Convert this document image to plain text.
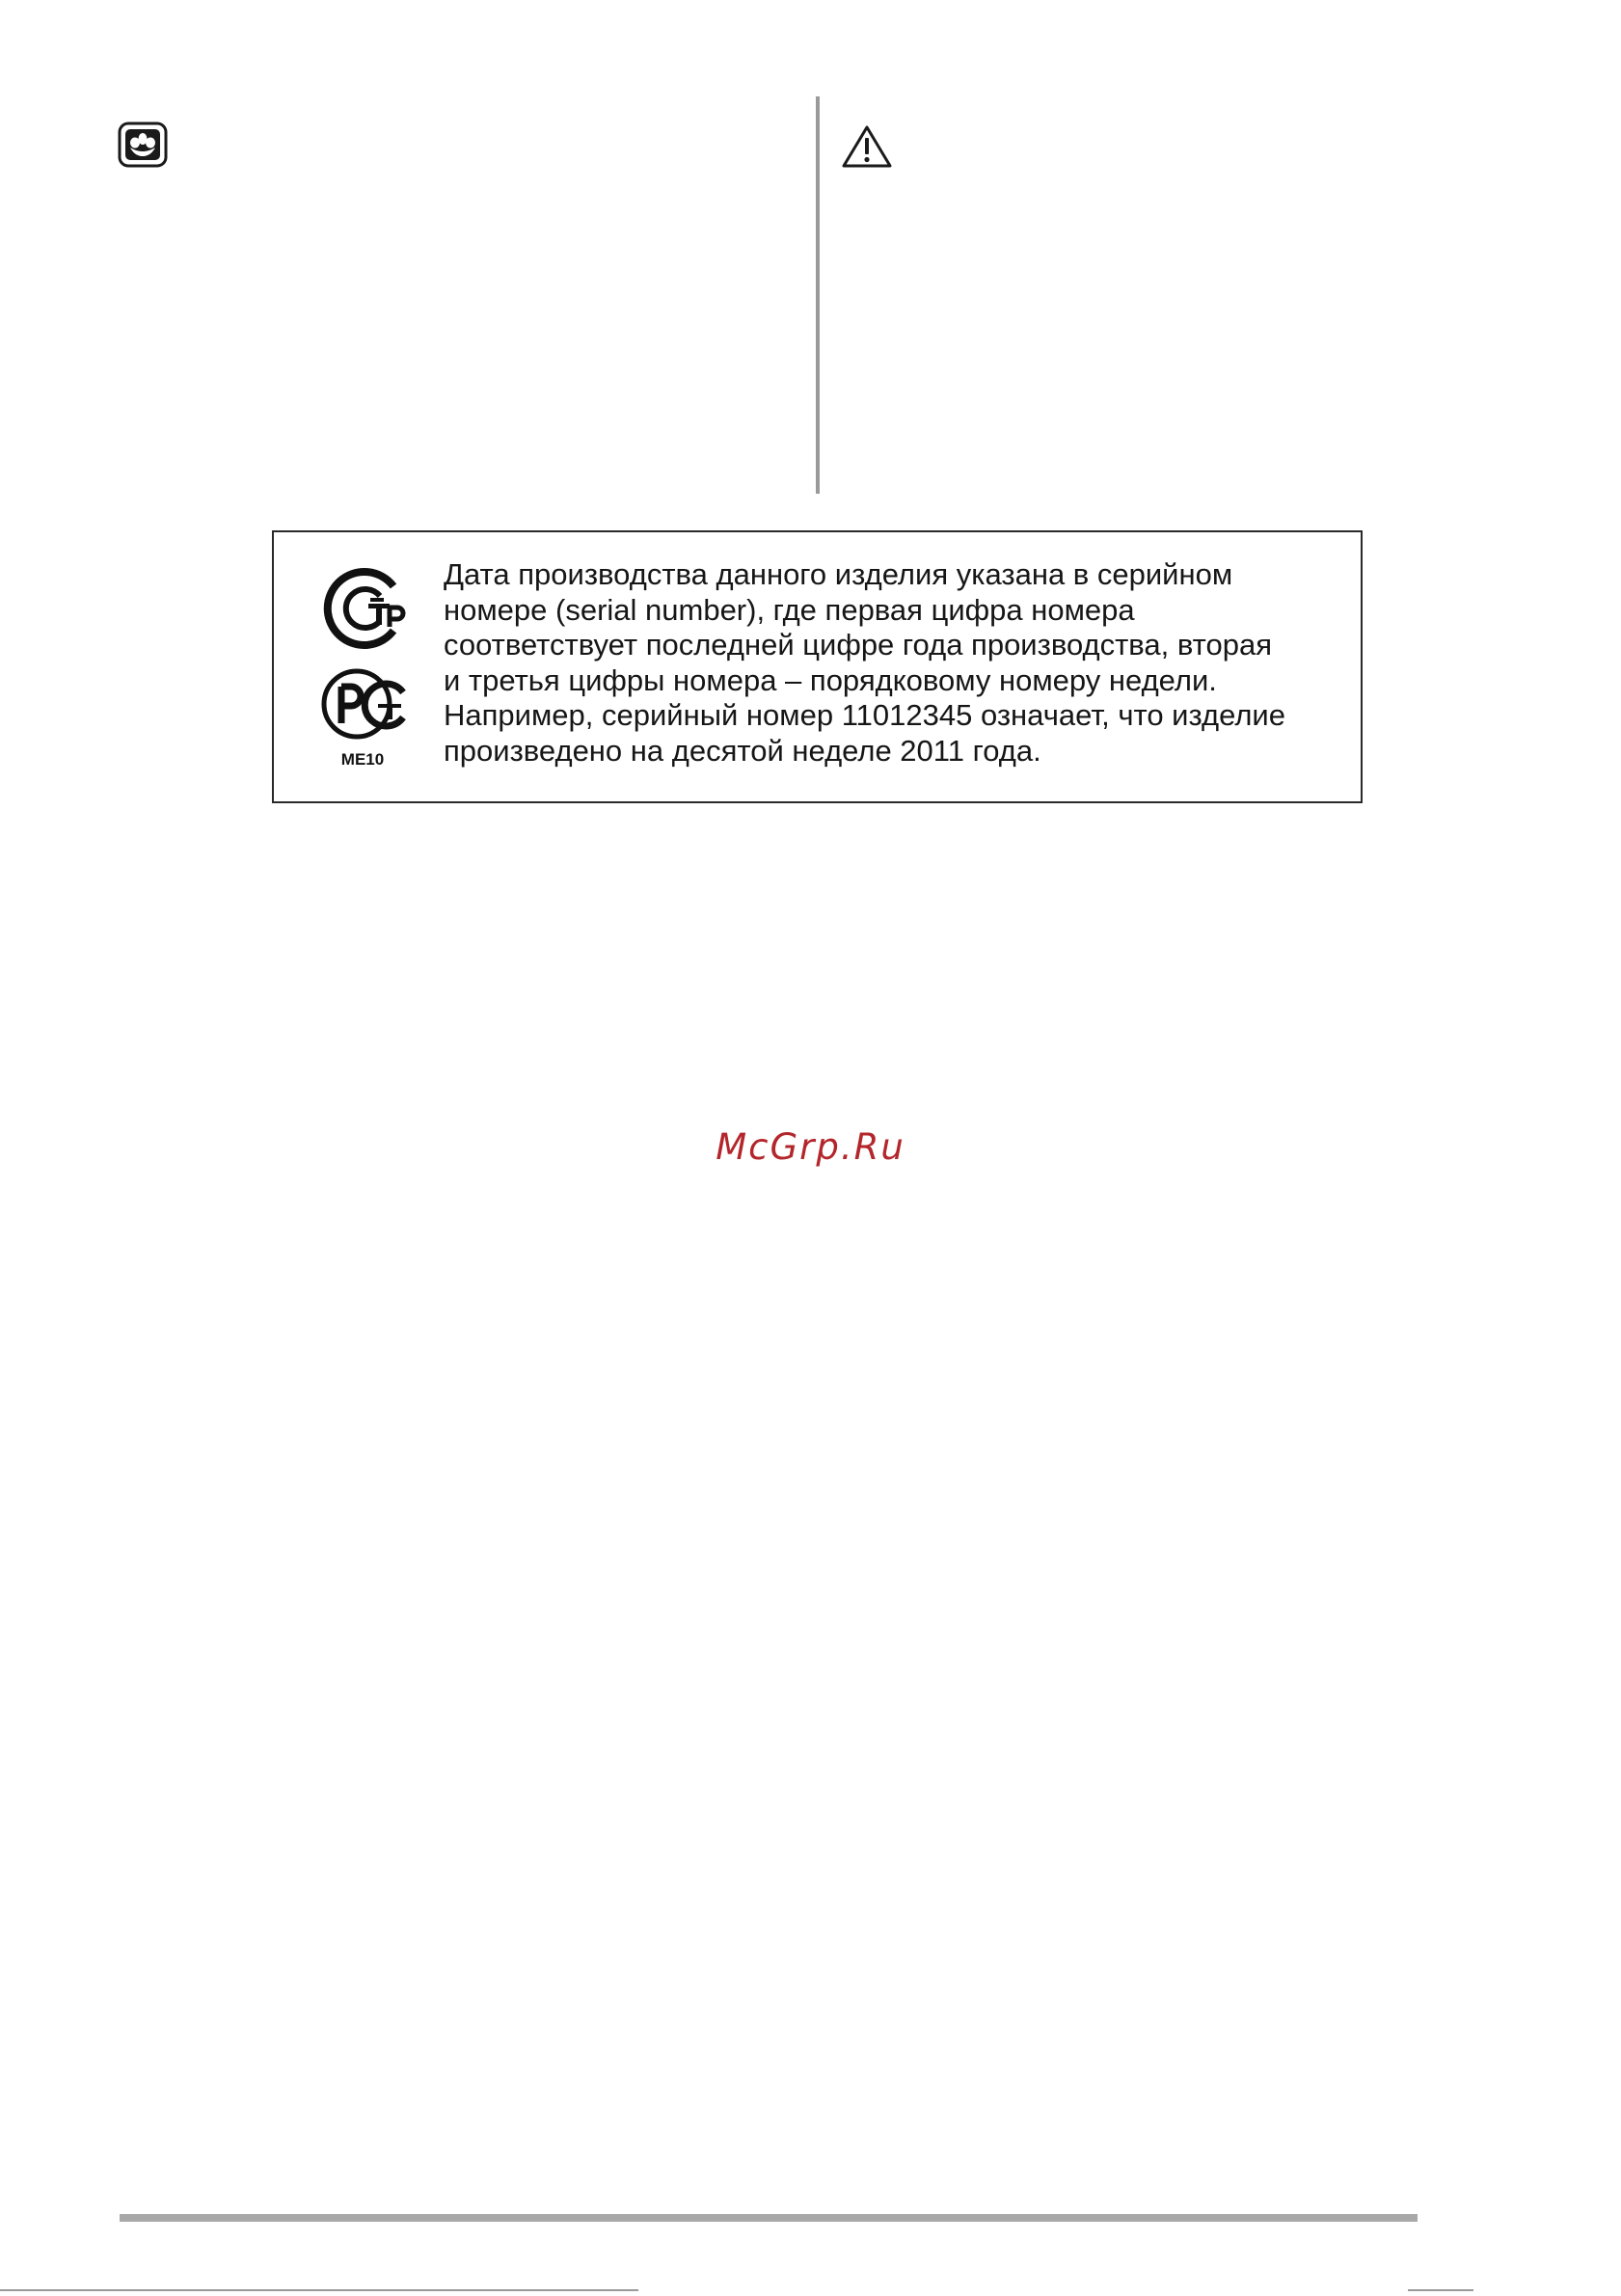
ME10
Дата производства данного изделия указана в серийном
номере (serial number), где первая цифра номера
соответствует последней цифре года производства, вторая
и третья цифры номера – порядковому номеру недели.
Например, серийный номер 11012345 означает, что изделие
произведено на десятой неделе 2011 года.
McGrp.Ru
